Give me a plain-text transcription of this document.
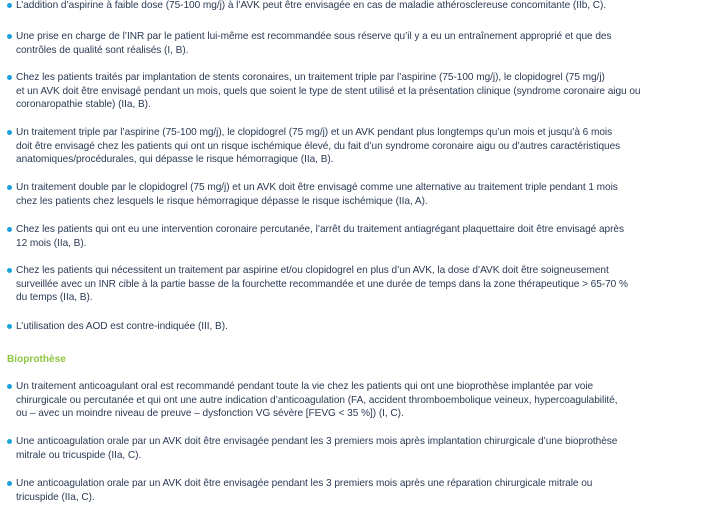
L’addition d’aspirine à faible dose (75-100 mg/j) à l’AVK peut être envisagée en cas de maladie athérosclereuse concomitante (IIb, C).
Une prise en charge de l’INR par le patient lui-même est recommandée sous réserve qu’il y a eu un entraînement approprié et que des
contrôles de qualité sont réalisés (I, B).
Chez les patients traités par implantation de stents coronaires, un traitement triple par l’aspirine (75-100 mg/j), le clopidogrel (75 mg/j)
et un AVK doit être envisagé pendant un mois, quels que soient le type de stent utilisé et la présentation clinique (syndrome coronaire aigu ou
coronaropathie stable) (IIa, B).
Un traitement triple par l’aspirine (75-100 mg/j), le clopidogrel (75 mg/j) et un AVK pendant plus longtemps qu’un mois et jusqu’à 6 mois
doit être envisagé chez les patients qui ont un risque ischémique élevé, du fait d’un syndrome coronaire aigu ou d’autres caractéristiques
anatomiques/procédurales, qui dépasse le risque hémorragique (IIa, B).
Un traitement double par le clopidogrel (75 mg/j) et un AVK doit être envisagé comme une alternative au traitement triple pendant 1 mois
chez les patients chez lesquels le risque hémorragique dépasse le risque ischémique (IIa, A).
Chez les patients qui ont eu une intervention coronaire percutanée, l’arrêt du traitement antiagrégant plaquettaire doit être envisagé après
12 mois (IIa, B).
Chez les patients qui nécessitent un traitement par aspirine et/ou clopidogrel en plus d’un AVK, la dose d’AVK doit être soigneusement
surveillée avec un INR cible à la partie basse de la fourchette recommandée et une durée de temps dans la zone thérapeutique > 65-70 %
du temps (IIa, B).
L’utilisation des AOD est contre-indiquée (III, B).
Bioprothèse
Un traitement anticoagulant oral est recommandé pendant toute la vie chez les patients qui ont une bioprothèse implantée par voie
chirurgicale ou percutanée et qui ont une autre indication d’anticoagulation (FA, accident thromboembolique veineux, hypercoagulabilité,
ou – avec un moindre niveau de preuve – dysfonction VG sévère [FEVG < 35 %]) (I, C).
Une anticoagulation orale par un AVK doit être envisagée pendant les 3 premiers mois après implantation chirurgicale d’une bioprothèse
mitrale ou tricuspide (IIa, C).
Une anticoagulation orale par un AVK doit être envisagée pendant les 3 premiers mois après une réparation chirurgicale mitrale ou
tricuspide (IIa, C).
